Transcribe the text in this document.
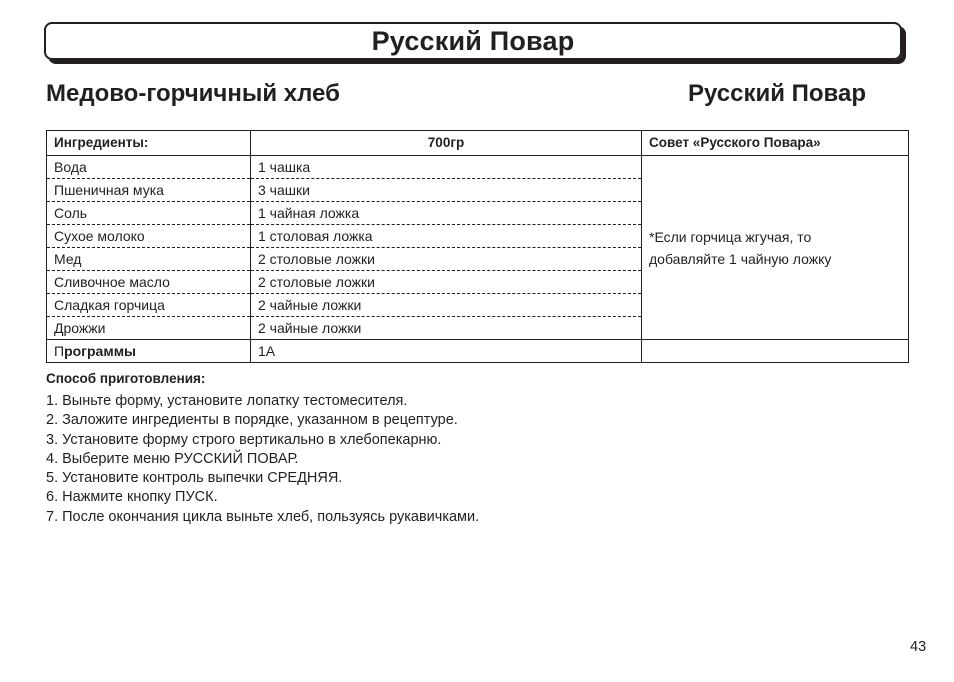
Русский Повар
Медово-горчичный хлеб	Русский Повар
Ингредиенты:	700гр	Совет «Русского Повара»
Вода	1 чашка	*Если горчица жгучая, то
добавляйте 1 чайную ложку

Пшеничная мука	3 чашки	
Соль	1 чайная ложка	
Сухое молоко	1 столовая ложка	
Мед	2 столовые ложки	
Сливочное масло	2 столовые ложки	
Сладкая горчица	2 чайные ложки	
Дрожжи	2 чайные ложки	
Программы	1А	
Способ приготовления:
1. Выньте форму, установите лопатку тестомесителя.
2. Заложите ингредиенты в порядке, указанном в рецептуре.
3. Установите форму строго вертикально в хлебопекарню.
4. Выберите меню РУССКИЙ ПОВАР.
5. Установите контроль выпечки СРЕДНЯЯ.
6. Нажмите кнопку ПУСК.
7. После окончания цикла выньте хлеб, пользуясь рукавичками.
43
